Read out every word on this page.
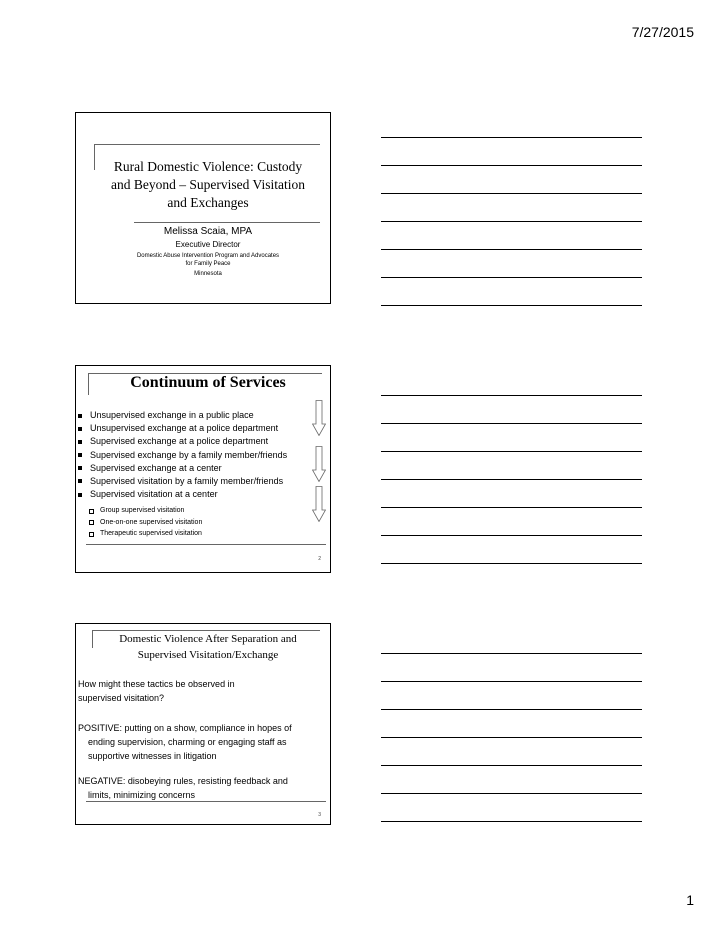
7/27/2015
Rural Domestic Violence: Custody
and Beyond – Supervised Visitation
and Exchanges
Melissa Scaia, MPA
Executive Director
Domestic Abuse Intervention Program and Advocates
for Family Peace
Minnesota
Continuum of Services
Unsupervised exchange in a public place
Unsupervised exchange at a police department
Supervised exchange at a police department
Supervised exchange by a family member/friends
Supervised exchange at a center
Supervised visitation by a family member/friends
Supervised visitation at a center
Group supervised visitation
One-on-one supervised visitation
Therapeutic supervised visitation
2
Domestic Violence After Separation and
Supervised Visitation/Exchange
How might these tactics be observed in
supervised visitation?
POSITIVE: putting on a show, compliance in hopes of
ending supervision, charming or engaging staff as
supportive witnesses in litigation
NEGATIVE: disobeying rules, resisting feedback and
limits, minimizing concerns
3
1
